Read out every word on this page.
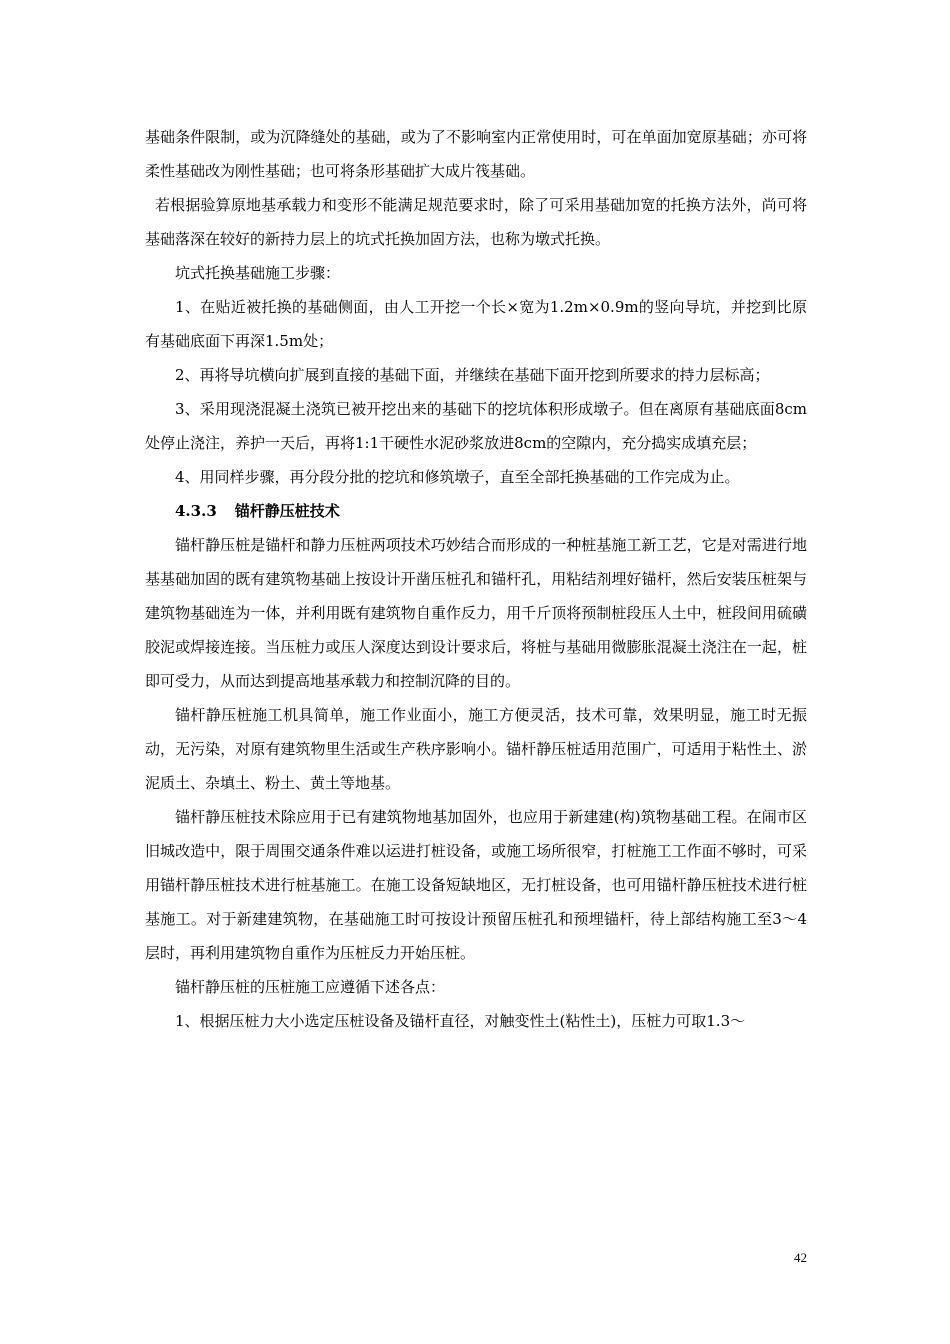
基础条件限制，或为沉降缝处的基础，或为了不影响室内正常使用时，可在单面加宽原基础；亦可将柔性基础改为刚性基础；也可将条形基础扩大成片筏基础。

若根据验算原地基承载力和变形不能满足规范要求时，除了可采用基础加宽的托换方法外，尚可将基础落深在较好的新持力层上的坑式托换加固方法，也称为墩式托换。

坑式托换基础施工步骤：

1、在贴近被托换的基础侧面，由人工开挖一个长×宽为1.2m×0.9m的竖向导坑，并挖到比原有基础底面下再深1.5m处；

2、再将导坑横向扩展到直接的基础下面，并继续在基础下面开挖到所要求的持力层标高；

3、采用现浇混凝土浇筑已被开挖出来的基础下的挖坑体积形成墩子。但在离原有基础底面8cm处停止浇注，养护一天后，再将1:1干硬性水泥砂浆放进8cm的空隙内，充分捣实成填充层；

4、用同样步骤，再分段分批的挖坑和修筑墩子，直至全部托换基础的工作完成为止。

4.3.3 锚杆静压桩技术

锚杆静压桩是锚杆和静力压桩两项技术巧妙结合而形成的一种桩基施工新工艺，它是对需进行地基基础加固的既有建筑物基础上按设计开凿压桩孔和锚杆孔，用粘结剂埋好锚杆，然后安装压桩架与建筑物基础连为一体，并利用既有建筑物自重作反力，用千斤顶将预制桩段压人土中，桩段间用硫磺胶泥或焊接连接。当压桩力或压人深度达到设计要求后，将桩与基础用微膨胀混凝土浇注在一起，桩即可受力，从而达到提高地基承载力和控制沉降的目的。

锚杆静压桩施工机具简单，施工作业面小，施工方便灵活，技术可靠，效果明显，施工时无振动，无污染，对原有建筑物里生活或生产秩序影响小。锚杆静压桩适用范围广，可适用于粘性土、淤泥质土、杂填土、粉土、黄土等地基。

锚杆静压桩技术除应用于已有建筑物地基加固外，也应用于新建建(构)筑物基础工程。在闹市区旧城改造中，限于周围交通条件难以运进打桩设备，或施工场所很窄，打桩施工工作面不够时，可采用锚杆静压桩技术进行桩基施工。在施工设备短缺地区，无打桩设备，也可用锚杆静压桩技术进行桩基施工。对于新建建筑物，在基础施工时可按设计预留压桩孔和预埋锚杆，待上部结构施工至3～4层时，再利用建筑物自重作为压桩反力开始压桩。

锚杆静压桩的压桩施工应遵循下述各点：

1、根据压桩力大小选定压桩设备及锚杆直径，对触变性土(粘性土)，压桩力可取1.3～

42
